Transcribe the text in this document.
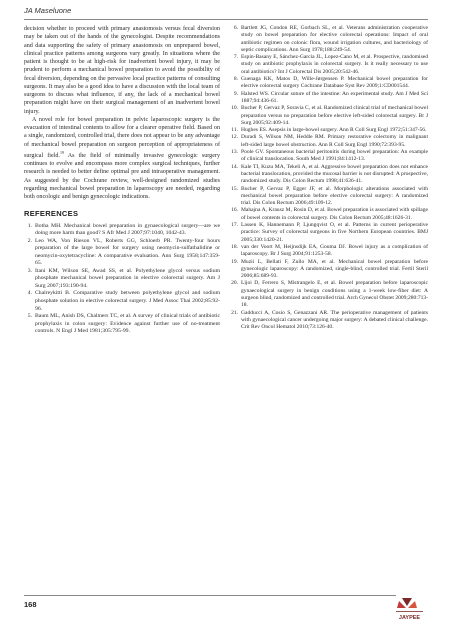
JA Maseluone

decision whether to proceed with primary anastomosis versus fecal diversion may be taken out of the hands of the gynecologist. Despite recommendations and data supporting the safety of primary anastomosis on unprepared bowel, clinical practice patterns among surgeons vary greatly. In situations where the patient is thought to be at high-risk for inadvertent bowel injury, it may be prudent to perform a mechanical bowel preparation to avoid the possibility of fecal diversion, depending on the pervasive local practice patterns of consulting surgeons. It may also be a good idea to have a discussion with the local team of surgeons to discuss what influence, if any, the lack of a mechanical bowel preparation might have on their surgical management of an inadvertent bowel injury.

A novel role for bowel preparation in pelvic laparoscopic surgery is the evacuation of intestinal contents to allow for a clearer operative field. Based on a single, randomized, controlled trial, there does not appear to be any advantage of mechanical bowel preparation on surgeon perception of appropriateness of surgical field.$^{19}$ As the field of minimally invasive gynecologic surgery continues to evolve and encompass more complex surgical techniques, further research is needed to better define optimal pre and intraoperative management. As suggested by the Cochrane review, well-designed randomized studies regarding mechanical bowel preparation in laparoscopy are needed, regarding both oncologic and benign gynecologic indications.

REFERENCES
1. Botha MH. Mechanical bowel preparation in gynaecological surgery—are we doing more harm than good? S Afr Med J 2007;97:1040, 1042-43.
2. Leo WA, Von Rieson VL, Roberts GG, Schloerb PR. Twenty-four hours preparation of the large bowel for surgery using neomycin-sulfathalidine or neomycin-oxytetracycline: A comparative evaluation. Ann Surg 1958;147:359-65.
3. Itani KM, Wilson SE, Awad SS, et al. Polyethylene glycol versus sodium phosphate mechanical bowel preparation in elective colorectal surgery. Am J Surg 2007;193:190-94.
4. Chalreykitti B. Comparative study between polyethylene glycol and sodium phosphate solution in elective colorectal surgery. J Med Assoc Thai 2002;85:92-96.
5. Baum ML, Anish DS, Chalmers TC, et al. A survey of clinical trials of antibiotic prophylaxis in colon surgery: Evidence against further use of no-treatment controls. N Engl J Med 1981;305:795-99.
6. Bartlett JG, Condon RE, Gorbach SL, et al. Veterans administration cooperative study on bowel preparation for elective colorectal operations: Impact of oral antibiotic regimen on colonic flora, wound irrigation cultures, and bacteriology of septic complications. Ann Surg 1978;188:249-54.
7. Espin-Basany E, Sánchez-Garcia JL, Lopez-Cano M, et al. Prospective, randomised study on antibiotic prophylaxis in colorectal surgery. Is it really necessary to use oral antibiotics? Int J Colorectal Dis 2005;20:542-46.
8. Guenaga KK, Matos D, Wille-Jørgensen P. Mechanical bowel preparation for elective colorectal surgery Cochrane Database Syst Rev 2009;1:CD001544.
9. Halsted WS. Circular suture of the intestine: An experimental study. Am J Med Sci 1887;94:436-61.
10. Bucher P, Gervaz P, Soravia C, et al. Randomized clinical trial of mechanical bowel preparation versus no preparation before elective left-sided colorectal surgery. Br J Surg 2005;92:409-14.
11. Hughes ES. Asepsis in large-bowel surgery. Ann R Coll Surg Engl 1972;51:347-56.
12. Duradi S, Wilson NM, Heddle RM. Primary restorative colectomy in malignant left-sided large bowel obstruction. Ann R Coll Surg Engl 1990;72:393-95.
13. Poole GV. Spontaneous bacterial peritonitis during bowel preparation: An example of clinical translocation. South Med J 1991;84:1412-13.
14. Kale TI, Kuzu MA, Tekeli A, et al. Aggressive bowel preparation does not enhance bacterial translocation, provided the mucosal barrier is not disrupted: A prospective, randomized study. Dis Colon Rectum 1998;41:636-41.
15. Bucher P, Gervaz P, Egger JF, et al. Morphologic alterations associated with mechanical bowel preparation before elective colorectal surgery: A randomized trial. Dis Colon Rectum 2006;49:109-12.
16. Mahajna A, Krausz M, Rosin D, et al. Bowel preparation is associated with spillage of bowel contents in colorectal surgery. Dis Colon Rectum 2005;48:1626-31.
17. Lassen K, Hannemann P, Ljungqvist O, et al. Patterns in current perioperative practice: Survey of colorectal surgeons in five Northern European countries. BMJ 2005;330:1420-21.
18. van der Voort M, Heijnsdijk EA, Gouma DJ. Bowel injury as a complication of laparoscopy. Br J Surg 2004;91:1253-58.
19. Muzii L, Bellati F, Zullo MA, et al. Mechanical bowel preparation before gynecologic laparoscopy: A randomized, single-blind, controlled trial. Fertil Steril 2006;85:689-93.
20. Lijoi D, Ferrero S, Mistrangelo E, et al. Bowel preparation before laparoscopic gynaecological surgery in benign conditions using a 1-week low-fiber diet: A surgeon blind, randomized and controlled trial. Arch Gynecol Obstet 2009;280:713-18.
21. Gadducci A, Cosio S, Genazzani AR. The perioperative management of patients with gynaecological cancer undergoing major surgery: A debated clinical challenge. Crit Rev Oncol Hematol 2010;73:126-40.
168
JAYPEE
